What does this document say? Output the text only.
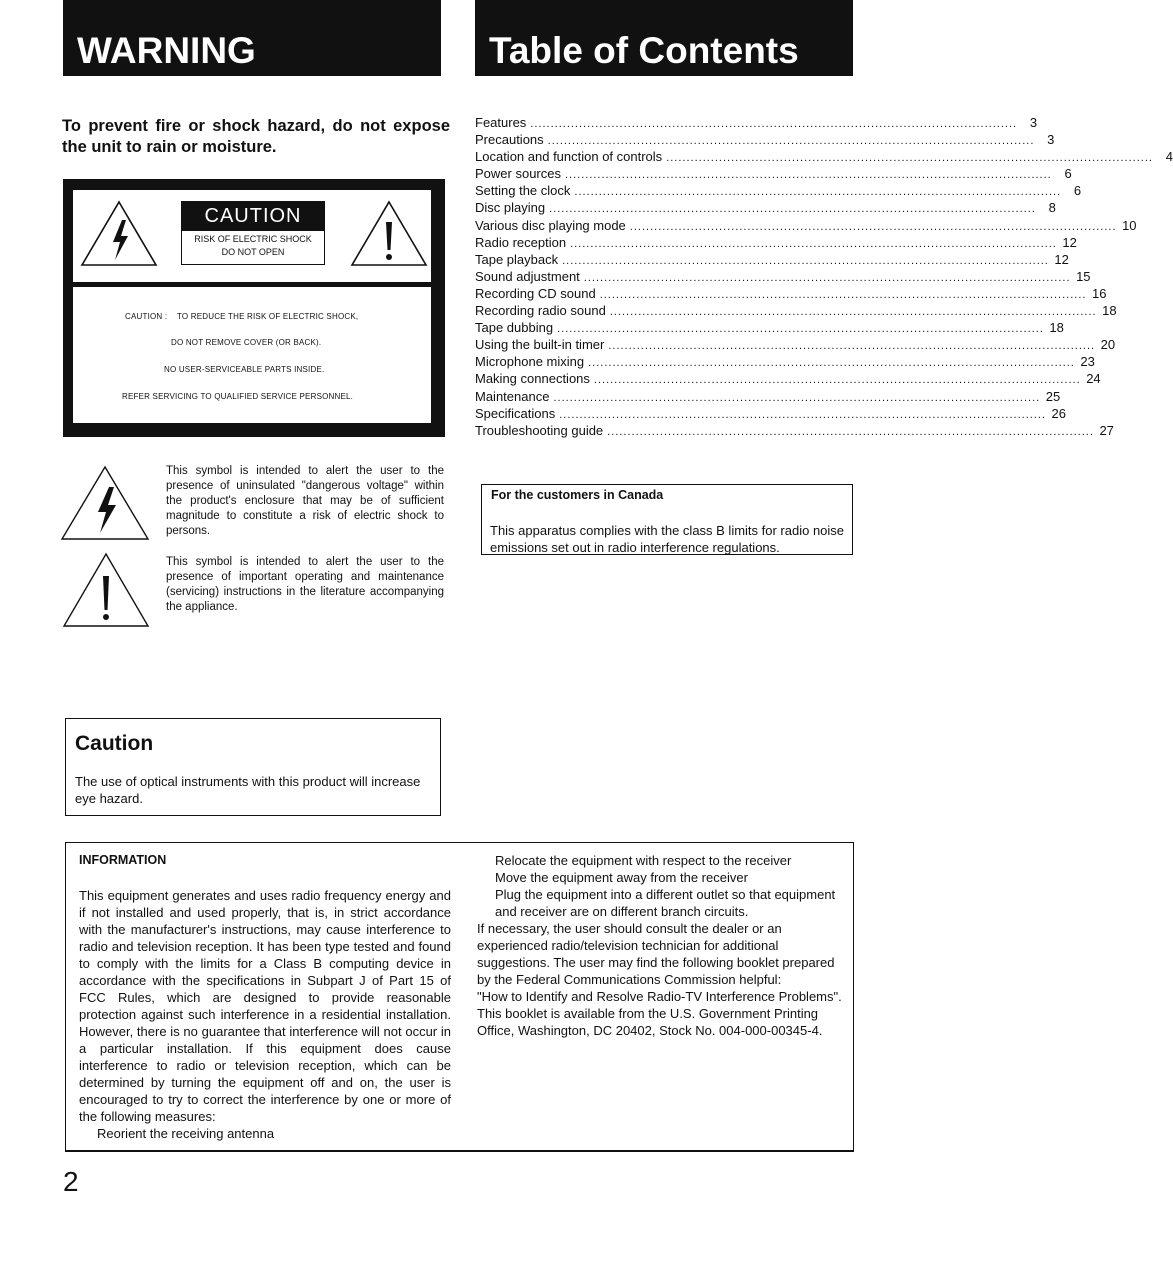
WARNING	Table of Contents
To prevent fire or shock hazard, do not expose the unit to rain or moisture.
CAUTION
RISK OF ELECTRIC SHOCK
DO NOT OPEN
CAUTION : TO REDUCE THE RISK OF ELECTRIC SHOCK,
DO NOT REMOVE COVER (OR BACK).
NO USER-SERVICEABLE PARTS INSIDE.
REFER SERVICING TO QUALIFIED SERVICE PERSONNEL.
This symbol is intended to alert the user to the presence of uninsulated "dangerous voltage" within the product's enclosure that may be of sufficient magnitude to constitute a risk of electric shock to persons.
This symbol is intended to alert the user to the presence of important operating and maintenance (servicing) instructions in the literature accompanying the appliance.
Features ........................................................................................................................ 3
Precautions ........................................................................................................................ 3
Location and function of controls ........................................................................................................................ 4
Power sources ........................................................................................................................ 6
Setting the clock ........................................................................................................................ 6
Disc playing ........................................................................................................................ 8
Various disc playing mode ........................................................................................................................ 10
Radio reception ........................................................................................................................ 12
Tape playback ........................................................................................................................ 12
Sound adjustment ........................................................................................................................ 15
Recording CD sound ........................................................................................................................ 16
Recording radio sound ........................................................................................................................ 18
Tape dubbing ........................................................................................................................ 18
Using the built-in timer ........................................................................................................................ 20
Microphone mixing ........................................................................................................................ 23
Making connections ........................................................................................................................ 24
Maintenance ........................................................................................................................ 25
Specifications ........................................................................................................................ 26
Troubleshooting guide ........................................................................................................................ 27
For the customers in Canada
This apparatus complies with the class B limits for radio noise emissions set out in radio interference regulations.
Caution
The use of optical instruments with this product will increase eye hazard.
INFORMATION
This equipment generates and uses radio frequency energy and if not installed and used properly, that is, in strict accordance with the manufacturer's instructions, may cause interference to radio and television reception. It has been type tested and found to comply with the limits for a Class B computing device in accordance with the specifications in Subpart J of Part 15 of FCC Rules, which are designed to provide reasonable protection against such interference in a residential installation. However, there is no guarantee that interference will not occur in a particular installation. If this equipment does cause interference to radio or television reception, which can be determined by turning the equipment off and on, the user is encouraged to try to correct the interference by one or more of the following measures:
Reorient the receiving antenna
Relocate the equipment with respect to the receiver
Move the equipment away from the receiver
Plug the equipment into a different outlet so that equipment and receiver are on different branch circuits.
If necessary, the user should consult the dealer or an experienced radio/television technician for additional suggestions. The user may find the following booklet prepared by the Federal Communications Commission helpful:
"How to Identify and Resolve Radio-TV Interference Problems". This booklet is available from the U.S. Government Printing Office, Washington, DC 20402, Stock No. 004-000-00345-4.
2
